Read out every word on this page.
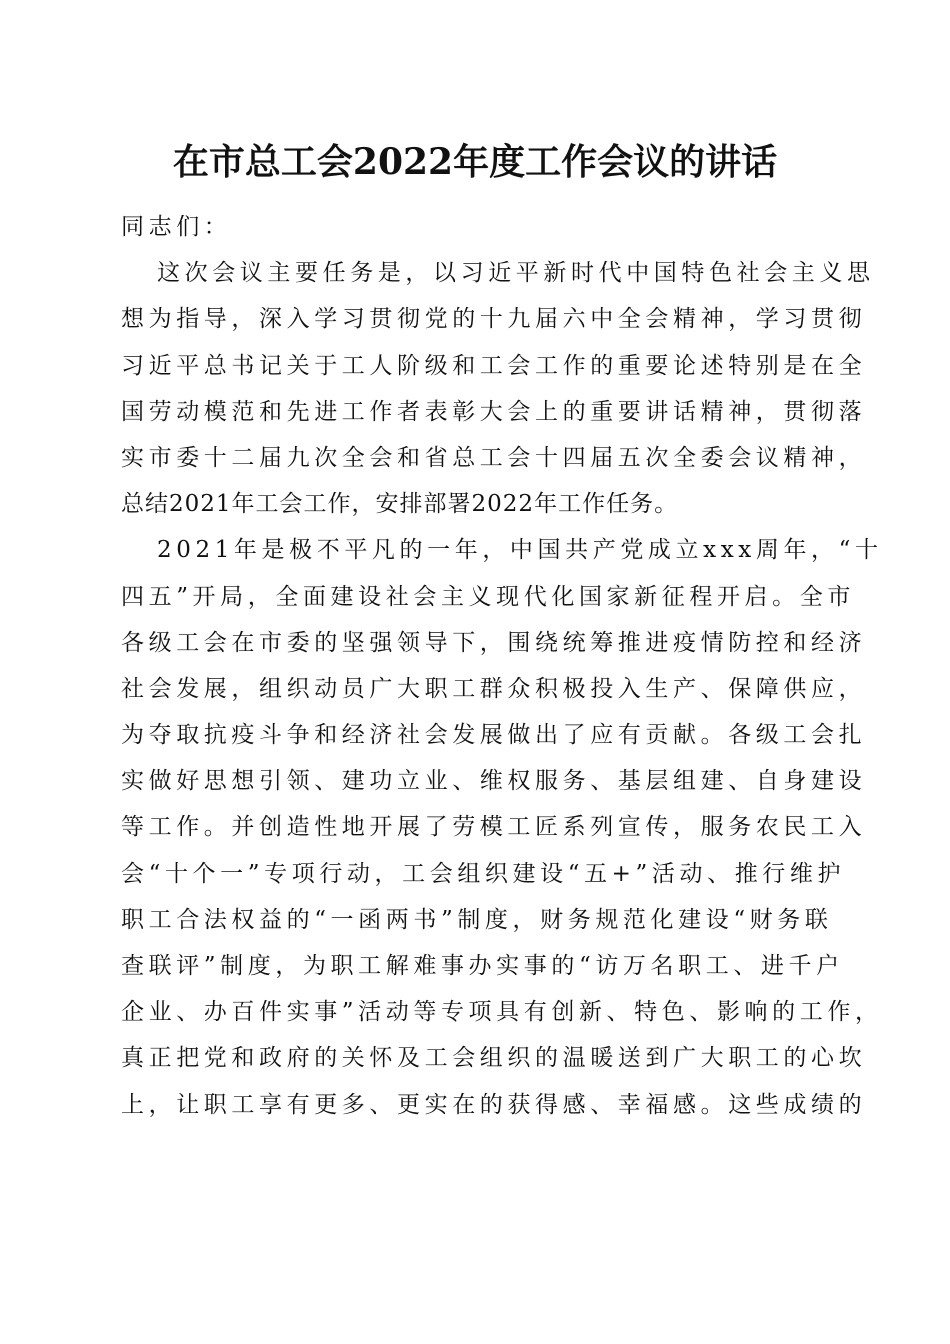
在市总工会2022年度工作会议的讲话
同志们：
这次会议主要任务是，以习近平新时代中国特色社会主义思
想为指导，深入学习贯彻党的十九届六中全会精神，学习贯彻
习近平总书记关于工人阶级和工会工作的重要论述特别是在全
国劳动模范和先进工作者表彰大会上的重要讲话精神，贯彻落
实市委十二届九次全会和省总工会十四届五次全委会议精神，
总结2021年工会工作，安排部署2022年工作任务。
2021年是极不平凡的一年，中国共产党成立xxx周年，“十
四五”开局，全面建设社会主义现代化国家新征程开启。全市
各级工会在市委的坚强领导下，围绕统筹推进疫情防控和经济
社会发展，组织动员广大职工群众积极投入生产、保障供应，
为夺取抗疫斗争和经济社会发展做出了应有贡献。各级工会扎
实做好思想引领、建功立业、维权服务、基层组建、自身建设
等工作。并创造性地开展了劳模工匠系列宣传，服务农民工入
会“十个一”专项行动，工会组织建设“五+”活动、推行维护
职工合法权益的“一函两书”制度，财务规范化建设“财务联
查联评”制度，为职工解难事办实事的“访万名职工、进千户
企业、办百件实事”活动等专项具有创新、特色、影响的工作，
真正把党和政府的关怀及工会组织的温暖送到广大职工的心坎
上，让职工享有更多、更实在的获得感、幸福感。这些成绩的
